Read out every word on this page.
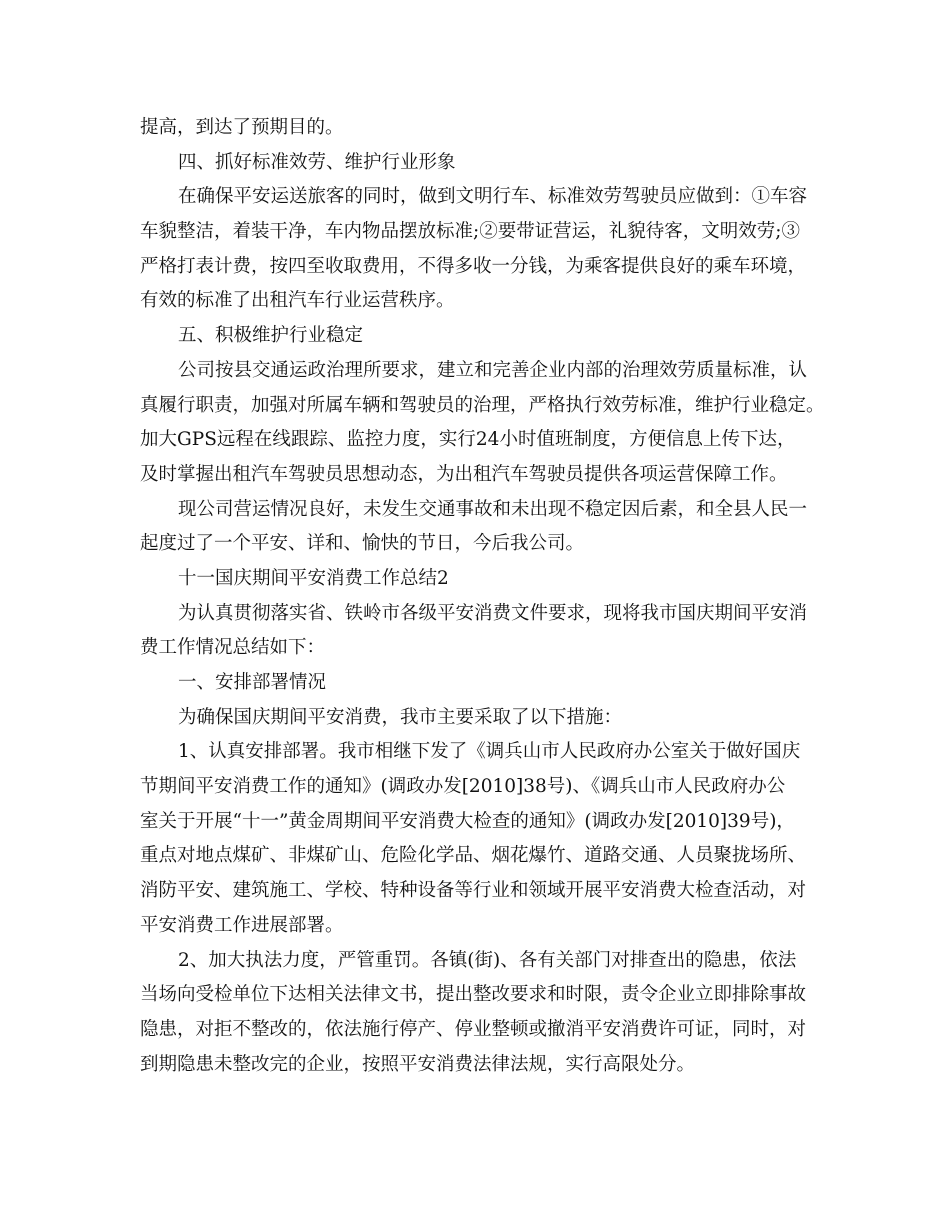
提高，到达了预期目的。
四、抓好标准效劳、维护行业形象
在确保平安运送旅客的同时，做到文明行车、标准效劳驾驶员应做到：①车容
车貌整洁，着装干净，车内物品摆放标准;②要带证营运，礼貌待客，文明效劳;③
严格打表计费，按四至收取费用，不得多收一分钱，为乘客提供良好的乘车环境，
有效的标准了出租汽车行业运营秩序。
五、积极维护行业稳定
公司按县交通运政治理所要求，建立和完善企业内部的治理效劳质量标准，认
真履行职责，加强对所属车辆和驾驶员的治理，严格执行效劳标准，维护行业稳定。
加大GPS远程在线跟踪、监控力度，实行24小时值班制度，方便信息上传下达，
及时掌握出租汽车驾驶员思想动态，为出租汽车驾驶员提供各项运营保障工作。
现公司营运情况良好，未发生交通事故和未出现不稳定因后素，和全县人民一
起度过了一个平安、详和、愉快的节日，今后我公司。
十一国庆期间平安消费工作总结2
为认真贯彻落实省、铁岭市各级平安消费文件要求，现将我市国庆期间平安消
费工作情况总结如下：
一、安排部署情况
为确保国庆期间平安消费，我市主要采取了以下措施：
1、认真安排部署。我市相继下发了《调兵山市人民政府办公室关于做好国庆
节期间平安消费工作的通知》(调政办发[2010]38号)、《调兵山市人民政府办公
室关于开展“十一”黄金周期间平安消费大检查的通知》(调政办发[2010]39号)，
重点对地点煤矿、非煤矿山、危险化学品、烟花爆竹、道路交通、人员聚拢场所、
消防平安、建筑施工、学校、特种设备等行业和领域开展平安消费大检查活动，对
平安消费工作进展部署。
2、加大执法力度，严管重罚。各镇(街)、各有关部门对排查出的隐患，依法
当场向受检单位下达相关法律文书，提出整改要求和时限，责令企业立即排除事故
隐患，对拒不整改的，依法施行停产、停业整顿或撤消平安消费许可证，同时，对
到期隐患未整改完的企业，按照平安消费法律法规，实行高限处分。
